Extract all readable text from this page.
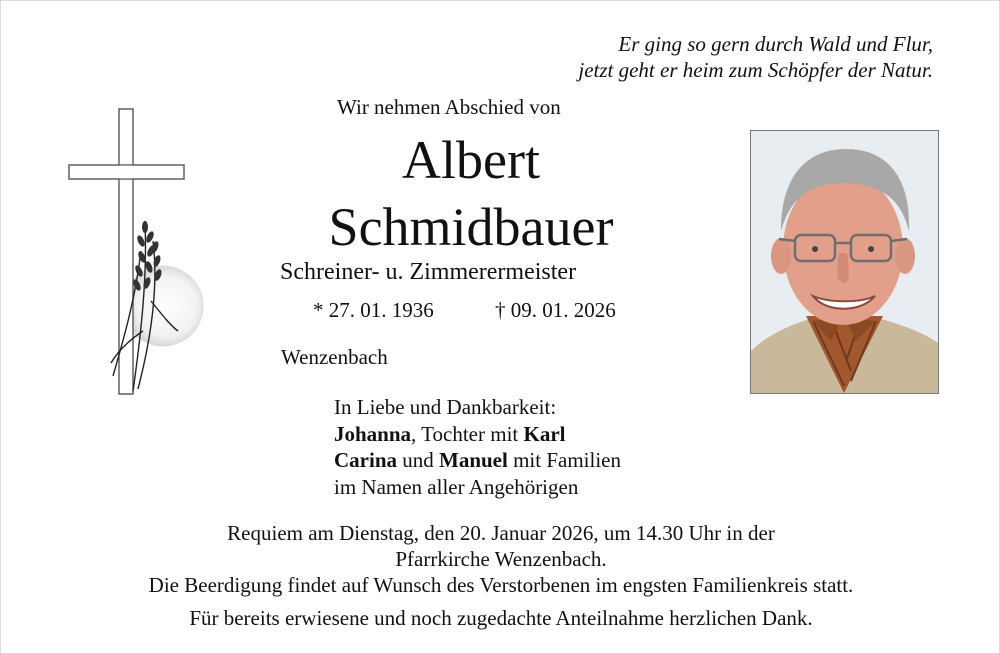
Er ging so gern durch Wald und Flur,
jetzt geht er heim zum Schöpfer der Natur.
Wir nehmen Abschied von
Albert
Schmidbauer
Schreiner- u. Zimmerermeister
* 27. 01. 1936	† 09. 01. 2026
Wenzenbach
In Liebe und Dankbarkeit:
Johanna, Tochter mit Karl
Carina und Manuel mit Familien
im Namen aller Angehörigen
Requiem am Dienstag, den 20. Januar 2026, um 14.30 Uhr in der
Pfarrkirche Wenzenbach.
Die Beerdigung findet auf Wunsch des Verstorbenen im engsten Familienkreis statt.
Für bereits erwiesene und noch zugedachte Anteilnahme herzlichen Dank.
